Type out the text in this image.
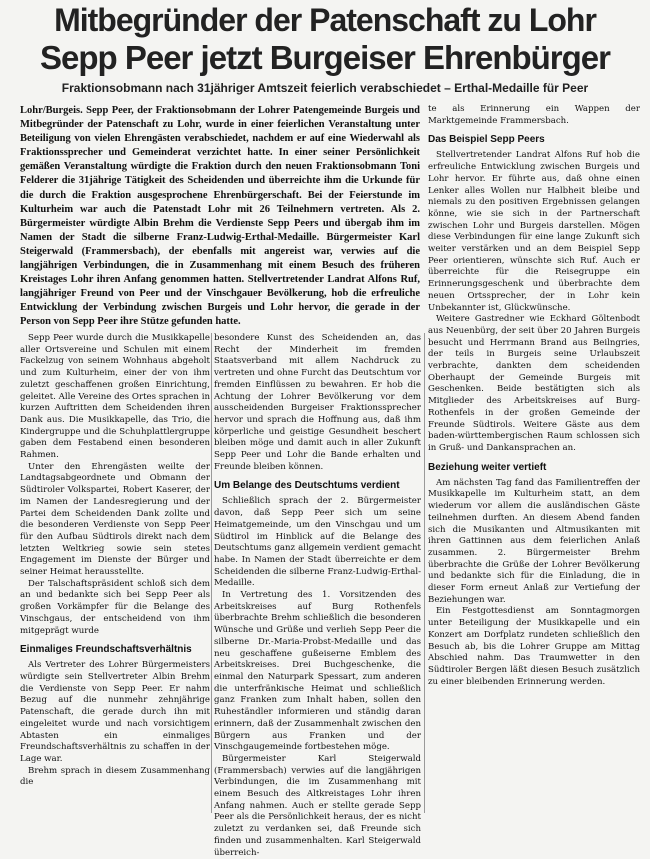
Mitbegründer der Patenschaft zu Lohr
Sepp Peer jetzt Burgeiser Ehrenbürger
Fraktionsobmann nach 31jähriger Amtszeit feierlich verabschiedet – Erthal-Medaille für Peer

Lohr/Burgeis. Sepp Peer, der Fraktionsobmann der Lohrer Patengemeinde Burgeis und Mitbegründer der Patenschaft zu Lohr, wurde in einer feierlichen Veranstaltung unter Beteiligung von vielen Ehrengästen verabschiedet, nachdem er auf eine Wiederwahl als Fraktionssprecher und Gemeinderat verzichtet hatte. In einer seiner Persönlichkeit gemäßen Veranstaltung würdigte die Fraktion durch den neuen Fraktionsobmann Toni Felderer die 31jährige Tätigkeit des Scheidenden und überreichte ihm die Urkunde für die durch die Fraktion ausgesprochene Ehrenbürgerschaft. Bei der Feierstunde im Kulturheim war auch die Patenstadt Lohr mit 26 Teilnehmern vertreten. Als 2. Bürgermeister würdigte Albin Brehm die Verdienste Sepp Peers und übergab ihm im Namen der Stadt die silberne Franz-Ludwig-Erthal-Medaille. Bürgermeister Karl Steigerwald (Frammersbach), der ebenfalls mit angereist war, verwies auf die langjährigen Verbindungen, die in Zusammenhang mit einem Besuch des früheren Kreistages Lohr ihren Anfang genommen hatten. Stellvertretender Landrat Alfons Ruf, langjähriger Freund von Peer und der Vinschgauer Bevölkerung, hob die erfreuliche Entwicklung der Verbindung zwischen Burgeis und Lohr hervor, die gerade in der Person von Sepp Peer ihre Stütze gefunden hatte.

Sepp Peer wurde durch die Musikkapelle aller Ortsvereine und Schulen mit einem Fackelzug von seinem Wohnhaus abgeholt und zum Kulturheim, einer der von ihm zuletzt geschaffenen großen Einrichtung, geleitet. Alle Vereine des Ortes sprachen in kurzen Auftritten dem Scheidenden ihren Dank aus. Die Musikkapelle, das Trio, die Kindergruppe und die Schuhplattlergruppe gaben dem Festabend einen besonderen Rahmen.

Unter den Ehrengästen weilte der Landtagsabgeordnete und Obmann der Südtiroler Volkspartei, Robert Kaserer, der im Namen der Landesregierung und der Partei dem Scheidenden Dank zollte und die besonderen Verdienste von Sepp Peer für den Aufbau Südtirols direkt nach dem letzten Weltkrieg sowie sein stetes Engagement im Dienste der Bürger und seiner Heimat herausstellte.

Der Talschaftspräsident schloß sich dem an und bedankte sich bei Sepp Peer als großen Vorkämpfer für die Belange des Vinschgaus, der entscheidend von ihm mitgeprägt wurde

Einmaliges Freundschaftsverhältnis

Als Vertreter des Lohrer Bürgermeisters würdigte sein Stellvertreter Albin Brehm die Verdienste von Sepp Peer. Er nahm Bezug auf die nunmehr zehnjährige Patenschaft, die gerade durch ihn mit eingeleitet wurde und nach vorsichtigem Abtasten ein einmaliges Freundschaftsverhältnis zu schaffen in der Lage war.

Brehm sprach in diesem Zusammenhang die

besondere Kunst des Scheidenden an, das Recht der Minderheit im fremden Staatsverband mit allem Nachdruck zu vertreten und ohne Furcht das Deutschtum vor fremden Einflüssen zu bewahren. Er hob die Achtung der Lohrer Bevölkerung vor dem ausscheidenden Burgeiser Fraktionssprecher hervor und sprach die Hoffnung aus, daß ihm körperliche und geistige Gesundheit beschert bleiben möge und damit auch in aller Zukunft Sepp Peer und Lohr die Bande erhalten und Freunde bleiben können.

Um Belange des Deutschtums verdient

Schließlich sprach der 2. Bürgermeister davon, daß Sepp Peer sich um seine Heimatgemeinde, um den Vinschgau und um Südtirol im Hinblick auf die Belange des Deutschtums ganz allgemein verdient gemacht habe. In Namen der Stadt überreichte er dem Scheidenden die silberne Franz-Ludwig-Erthal-Medaille.

In Vertretung des 1. Vorsitzenden des Arbeitskreises auf Burg Rothenfels überbrachte Brehm schließlich die besonderen Wünsche und Grüße und verlieh Sepp Peer die silberne Dr.-Maria-Probst-Medaille und das neu geschaffene gußeiserne Emblem des Arbeitskreises. Drei Buchgeschenke, die einmal den Naturpark Spessart, zum anderen die unterfränkische Heimat und schließlich ganz Franken zum Inhalt haben, sollen den Ruheständler informieren und ständig daran erinnern, daß der Zusammenhalt zwischen den Bürgern aus Franken und der Vinschgaugemeinde fortbestehen möge.

Bürgermeister Karl Steigerwald (Frammersbach) verwies auf die langjährigen Verbindungen, die im Zusammenhang mit einem Besuch des Altkreistages Lohr ihren Anfang nahmen. Auch er stellte gerade Sepp Peer als die Persönlichkeit heraus, der es nicht zuletzt zu verdanken sei, daß Freunde sich finden und zusammenhalten. Karl Steigerwald überreich-

te als Erinnerung ein Wappen der Marktgemeinde Frammersbach.

Das Beispiel Sepp Peers

Stellvertretender Landrat Alfons Ruf hob die erfreuliche Entwicklung zwischen Burgeis und Lohr hervor. Er führte aus, daß ohne einen Lenker alles Wollen nur Halbheit bleibe und niemals zu den positiven Ergebnissen gelangen könne, wie sie sich in der Partnerschaft zwischen Lohr und Burgeis darstellen. Mögen diese Verbindungen für eine lange Zukunft sich weiter verstärken und an dem Beispiel Sepp Peer orientieren, wünschte sich Ruf. Auch er überreichte für die Reisegruppe ein Erinnerungsgeschenk und überbrachte dem neuen Ortssprecher, der in Lohr kein Unbekannter ist, Glückwünsche.

Weitere Gastredner wie Eckhard Göltenbodt aus Neuenbürg, der seit über 20 Jahren Burgeis besucht und Herrmann Brand aus Beilngries, der teils in Burgeis seine Urlaubszeit verbrachte, dankten dem scheidenden Oberhaupt der Gemeinde Burgeis mit Geschenken. Beide bestätigten sich als Mitglieder des Arbeitskreises auf Burg-Rothenfels in der großen Gemeinde der Freunde Südtirols. Weitere Gäste aus dem baden-württembergischen Raum schlossen sich in Gruß- und Dankansprachen an.

Beziehung weiter vertieft

Am nächsten Tag fand das Familientreffen der Musikkapelle im Kulturheim statt, an dem wiederum vor allem die ausländischen Gäste teilnehmen durften. An diesem Abend fanden sich die Musikanten und Altmusikanten mit ihren Gattinnen aus dem feierlichen Anlaß zusammen. 2. Bürgermeister Brehm überbrachte die Grüße der Lohrer Bevölkerung und bedankte sich für die Einladung, die in dieser Form erneut Anlaß zur Vertiefung der Beziehungen war.

Ein Festgottesdienst am Sonntagmorgen unter Beteiligung der Musikkapelle und ein Konzert am Dorfplatz rundeten schließlich den Besuch ab, bis die Lohrer Gruppe am Mittag Abschied nahm. Das Traumwetter in den Südtiroler Bergen läßt diesen Besuch zusätzlich zu einer bleibenden Erinnerung werden.
